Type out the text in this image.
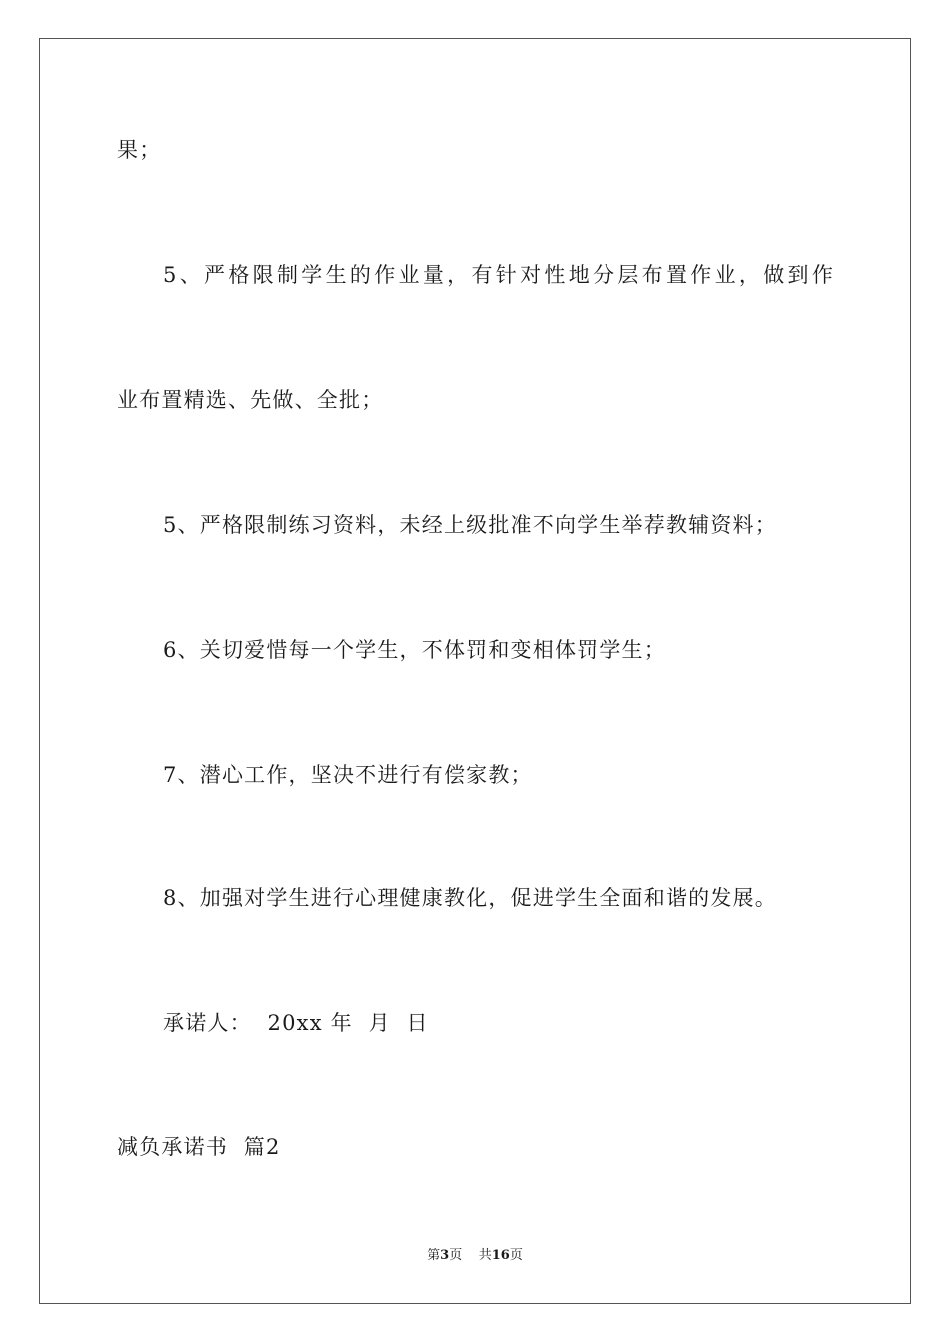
果；
5 、 严 格 限 制 学 生 的 作 业 量 ， 有 针 对 性 地 分 层 布 置 作 业 ， 做 到 作
业布置精选、先做、全批；
5、严格限制练习资料，未经上级批准不向学生举荐教辅资料；
6、关切爱惜每一个学生，不体罚和变相体罚学生；
7、潜心工作，坚决不进行有偿家教；
8、加强对学生进行心理健康教化，促进学生全面和谐的发展。
承诺人：  20xx 年  月  日
减负承诺书  篇2
第3页    共16页
